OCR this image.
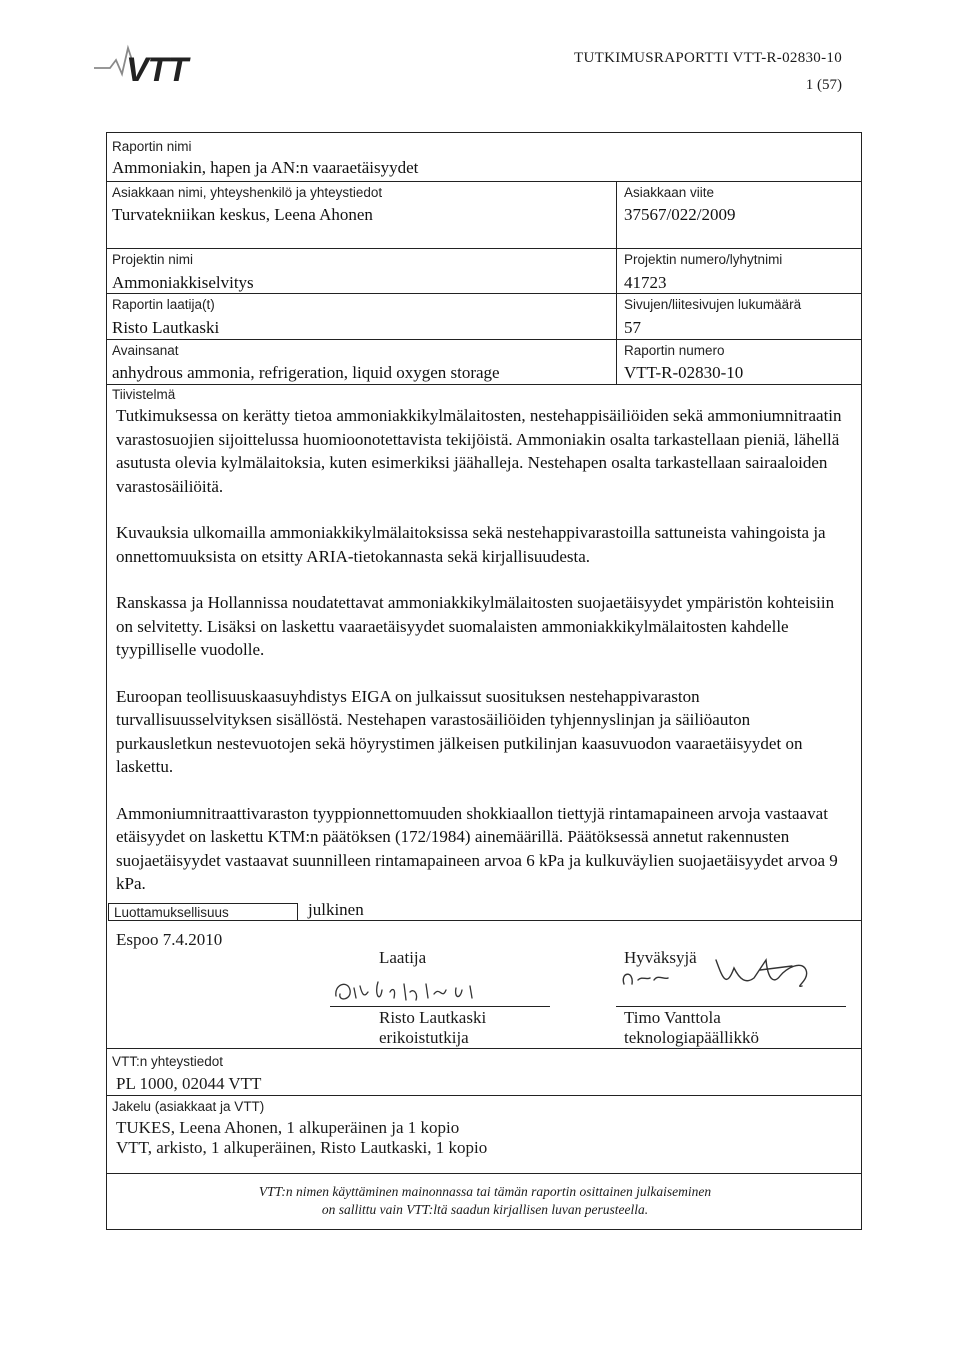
VTT	TUTKIMUSRAPORTTI VTT-R-02830-10
1 (57)
Raportin nimi
Ammoniakin, hapen ja AN:n vaaraetäisyydet
Asiakkaan nimi, yhteyshenkilö ja yhteystiedot
Turvatekniikan keskus, Leena Ahonen
Asiakkaan viite
37567/022/2009
Projektin nimi
Ammoniakkiselvitys
Projektin numero/lyhytnimi
41723
Raportin laatija(t)
Risto Lautkaski
Sivujen/liitesivujen lukumäärä
57
Avainsanat
anhydrous ammonia, refrigeration, liquid oxygen storage
Raportin numero
VTT-R-02830-10
Tiivistelmä

Tutkimuksessa on kerätty tietoa ammoniakkikylmälaitosten, nestehappisäiliöiden sekä ammoniumnitraatin varastosuojien sijoittelussa huomioonotettavista tekijöistä. Ammoniakin osalta tarkastellaan pieniä, lähellä asutusta olevia kylmälaitoksia, kuten esimerkiksi jäähalleja. Nestehapen osalta tarkastellaan sairaaloiden varastosäiliöitä.

Kuvauksia ulkomailla ammoniakkikylmälaitoksissa sekä nestehappivarastoilla sattuneista vahingoista ja onnettomuuksista on etsitty ARIA-tietokannasta sekä kirjallisuudesta.

Ranskassa ja Hollannissa noudatettavat ammoniakkikylmälaitosten suojaetäisyydet ympäristön kohteisiin on selvitetty. Lisäksi on laskettu vaaraetäisyydet suomalaisten ammoniakkikylmälaitosten kahdelle tyypilliselle vuodolle.

Euroopan teollisuuskaasuyhdistys EIGA on julkaissut suosituksen nestehappivaraston turvallisuusselvityksen sisällöstä. Nestehapen varastosäiliöiden tyhjennyslinjan ja säiliöauton purkausletkun nestevuotojen sekä höyrystimen jälkeisen putkilinjan kaasuvuodon vaaraetäisyydet on laskettu.

Ammoniumnitraattivaraston tyyppionnettomuuden shokkiaallon tiettyjä rintamapaineen arvoja vastaavat etäisyydet on laskettu KTM:n päätöksen (172/1984) ainemäärillä. Päätöksessä annetut rakennusten suojaetäisyydet vastaavat suunnilleen rintamapaineen arvoa 6 kPa ja kulkuväylien suojaetäisyydet arvoa 9 kPa.

Luottamuksellisuus	julkinen
Espoo 7.4.2010
Laatija
Risto Lautkaski
erikoistutkija
Hyväksyjä
Timo Vanttola
teknologiapäällikkö
VTT:n yhteystiedot
PL 1000, 02044 VTT
Jakelu (asiakkaat ja VTT)
TUKES, Leena Ahonen, 1 alkuperäinen ja 1 kopio
VTT, arkisto, 1 alkuperäinen, Risto Lautkaski, 1 kopio
VTT:n nimen käyttäminen mainonnassa tai tämän raportin osittainen julkaiseminen
on sallittu vain VTT:ltä saadun kirjallisen luvan perusteella.
